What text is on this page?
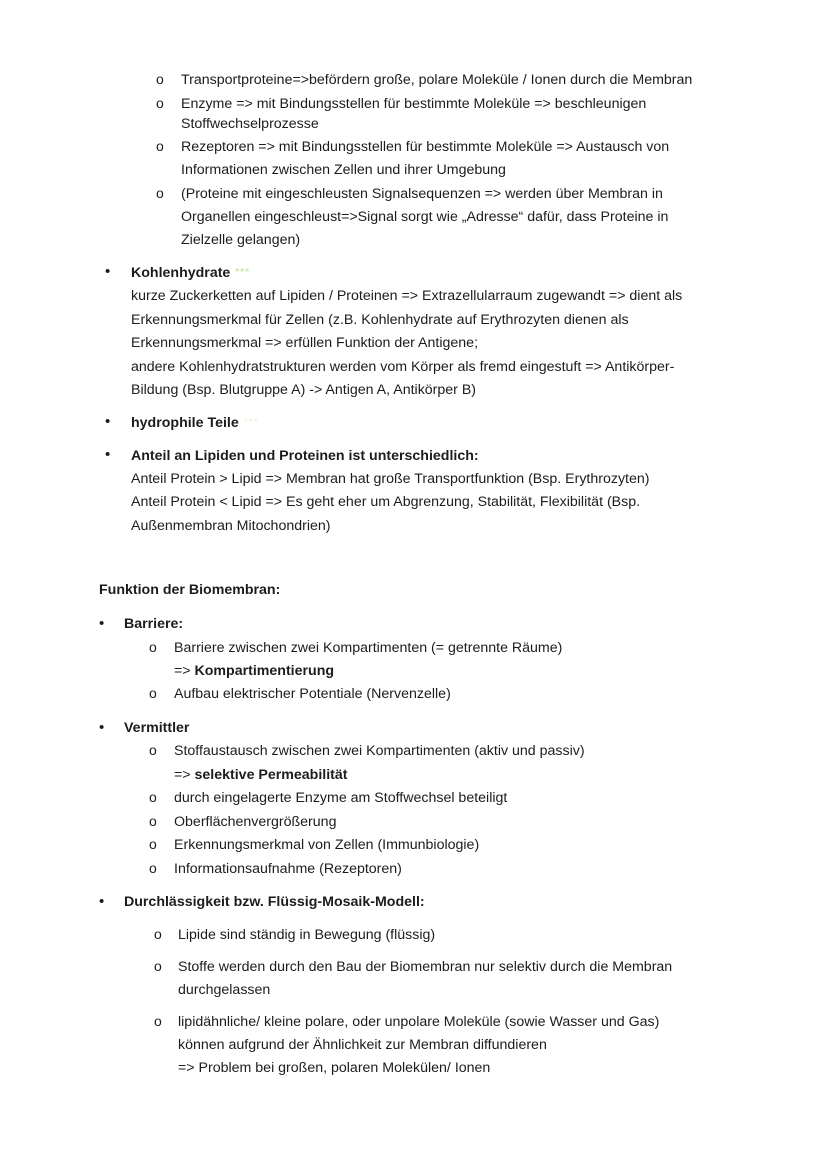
o Transportproteine=>befördern große, polare Moleküle / Ionen durch die Membran
o Enzyme => mit Bindungsstellen für bestimmte Moleküle => beschleunigen
Stoffwechselprozesse
o Rezeptoren => mit Bindungsstellen für bestimmte Moleküle => Austausch von
Informationen zwischen Zellen und ihrer Umgebung
o (Proteine mit eingeschleusten Signalsequenzen => werden über Membran in
Organellen eingeschleust=>Signal sorgt wie „Adresse“ dafür, dass Proteine in
Zielzelle gelangen)
• Kohlenhydrate ***
kurze Zuckerketten auf Lipiden / Proteinen => Extrazellularraum zugewandt => dient als
Erkennungsmerkmal für Zellen (z.B. Kohlenhydrate auf Erythrozyten dienen als
Erkennungsmerkmal => erfüllen Funktion der Antigene;
andere Kohlenhydratstrukturen werden vom Körper als fremd eingestuft => Antikörper-
Bildung (Bsp. Blutgruppe A) -> Antigen A, Antikörper B)
• hydrophile Teile ***
• Anteil an Lipiden und Proteinen ist unterschiedlich:
Anteil Protein > Lipid => Membran hat große Transportfunktion (Bsp. Erythrozyten)
Anteil Protein < Lipid => Es geht eher um Abgrenzung, Stabilität, Flexibilität (Bsp.
Außenmembran Mitochondrien)
Funktion der Biomembran:
• Barriere:
o Barriere zwischen zwei Kompartimenten (= getrennte Räume)
=> Kompartimentierung
o Aufbau elektrischer Potentiale (Nervenzelle)
• Vermittler
o Stoffaustausch zwischen zwei Kompartimenten (aktiv und passiv)
=> selektive Permeabilität
o durch eingelagerte Enzyme am Stoffwechsel beteiligt
o Oberflächenvergrößerung
o Erkennungsmerkmal von Zellen (Immunbiologie)
o Informationsaufnahme (Rezeptoren)
• Durchlässigkeit bzw. Flüssig-Mosaik-Modell:
o Lipide sind ständig in Bewegung (flüssig)
o Stoffe werden durch den Bau der Biomembran nur selektiv durch die Membran
durchgelassen
o lipidähnliche/ kleine polare, oder unpolare Moleküle (sowie Wasser und Gas)
können aufgrund der Ähnlichkeit zur Membran diffundieren
=> Problem bei großen, polaren Molekülen/ Ionen
